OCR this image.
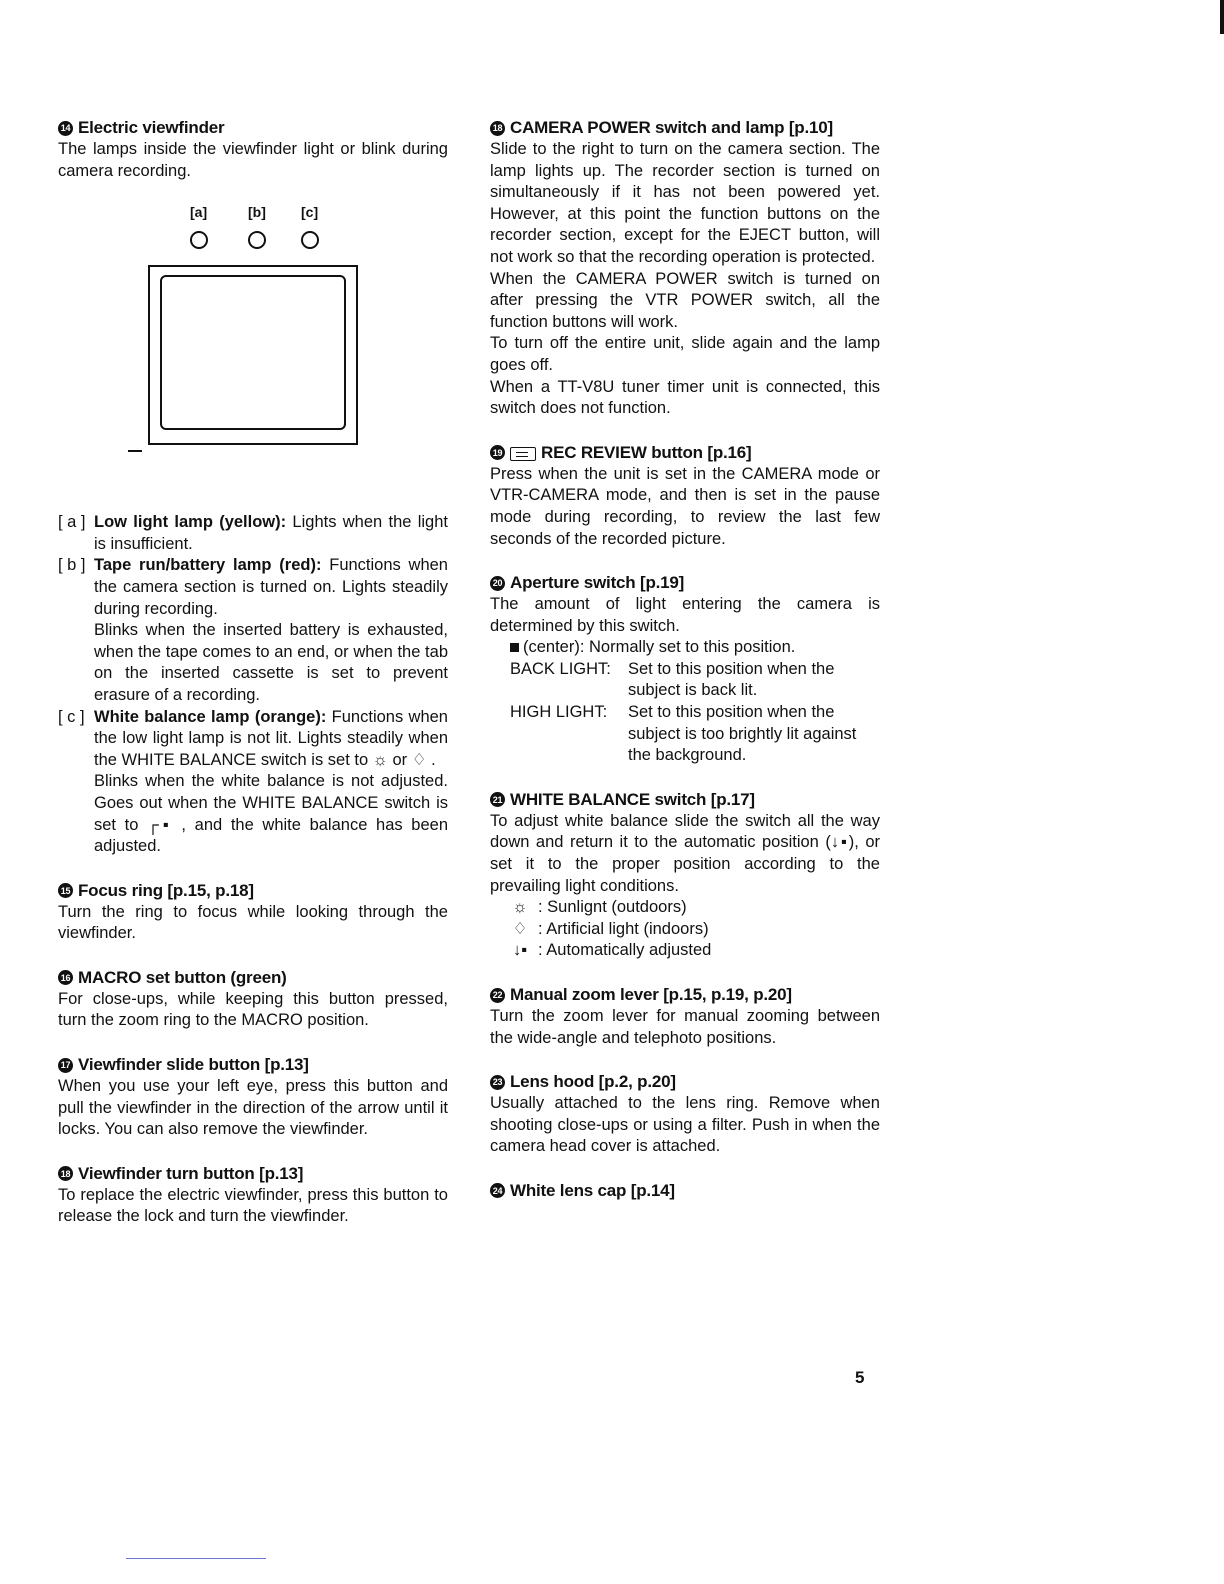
14 Electric viewfinder

The lamps inside the viewfinder light or blink during camera recording.

[ a ] Low light lamp (yellow): Lights when the light is insufficient.
[ b ] Tape run/battery lamp (red): Functions when the camera section is turned on. Lights steadily during recording.
Blinks when the inserted battery is exhausted, when the tape comes to an end, or when the tab on the inserted cassette is set to prevent erasure of a recording.
[ c ] White balance lamp (orange): Functions when the low light lamp is not lit. Lights steadily when the WHITE BALANCE switch is set to ☼ or ♢ .
Blinks when the white balance is not adjusted. Goes out when the WHITE BALANCE switch is set to ┌▪ , and the white balance has been adjusted.
15 Focus ring [p.15, p.18]

Turn the ring to focus while looking through the viewfinder.

16 MACRO set button (green)

For close-ups, while keeping this button pressed, turn the zoom ring to the MACRO position.

17 Viewfinder slide button [p.13]

When you use your left eye, press this button and pull the viewfinder in the direction of the arrow until it locks. You can also remove the viewfinder.

18 Viewfinder turn button [p.13]

To replace the electric viewfinder, press this button to release the lock and turn the viewfinder.

[a]	[b]	[c]
18 CAMERA POWER switch and lamp [p.10]

Slide to the right to turn on the camera section. The lamp lights up. The recorder section is turned on simultaneously if it has not been powered yet. However, at this point the function buttons on the recorder section, except for the EJECT button, will not work so that the recording operation is protected.

When the CAMERA POWER switch is turned on after pressing the VTR POWER switch, all the function buttons will work.

To turn off the entire unit, slide again and the lamp goes off.

When a TT-V8U tuner timer unit is connected, this switch does not function.

19 REC REVIEW button [p.16]

Press when the unit is set in the CAMERA mode or VTR-CAMERA mode, and then is set in the pause mode during recording, to review the last few seconds of the recorded picture.

20 Aperture switch [p.19]

The amount of light entering the camera is determined by this switch.

(center): Normally set to this position.
BACK LIGHT:	Set to this position when the subject is back lit.
HIGH LIGHT:	Set to this position when the subject is too brightly lit against the background.
21 WHITE BALANCE switch [p.17]

To adjust white balance slide the switch all the way down and return it to the automatic position (↓▪), or set it to the proper position according to the prevailing light conditions.

☼ : Sunlignt (outdoors)
♢ : Artificial light (indoors)
↓▪ : Automatically adjusted
22 Manual zoom lever [p.15, p.19, p.20]

Turn the zoom lever for manual zooming between the wide-angle and telephoto positions.

23 Lens hood [p.2, p.20]

Usually attached to the lens ring. Remove when shooting close-ups or using a filter. Push in when the camera head cover is attached.

24 White lens cap [p.14]
5
